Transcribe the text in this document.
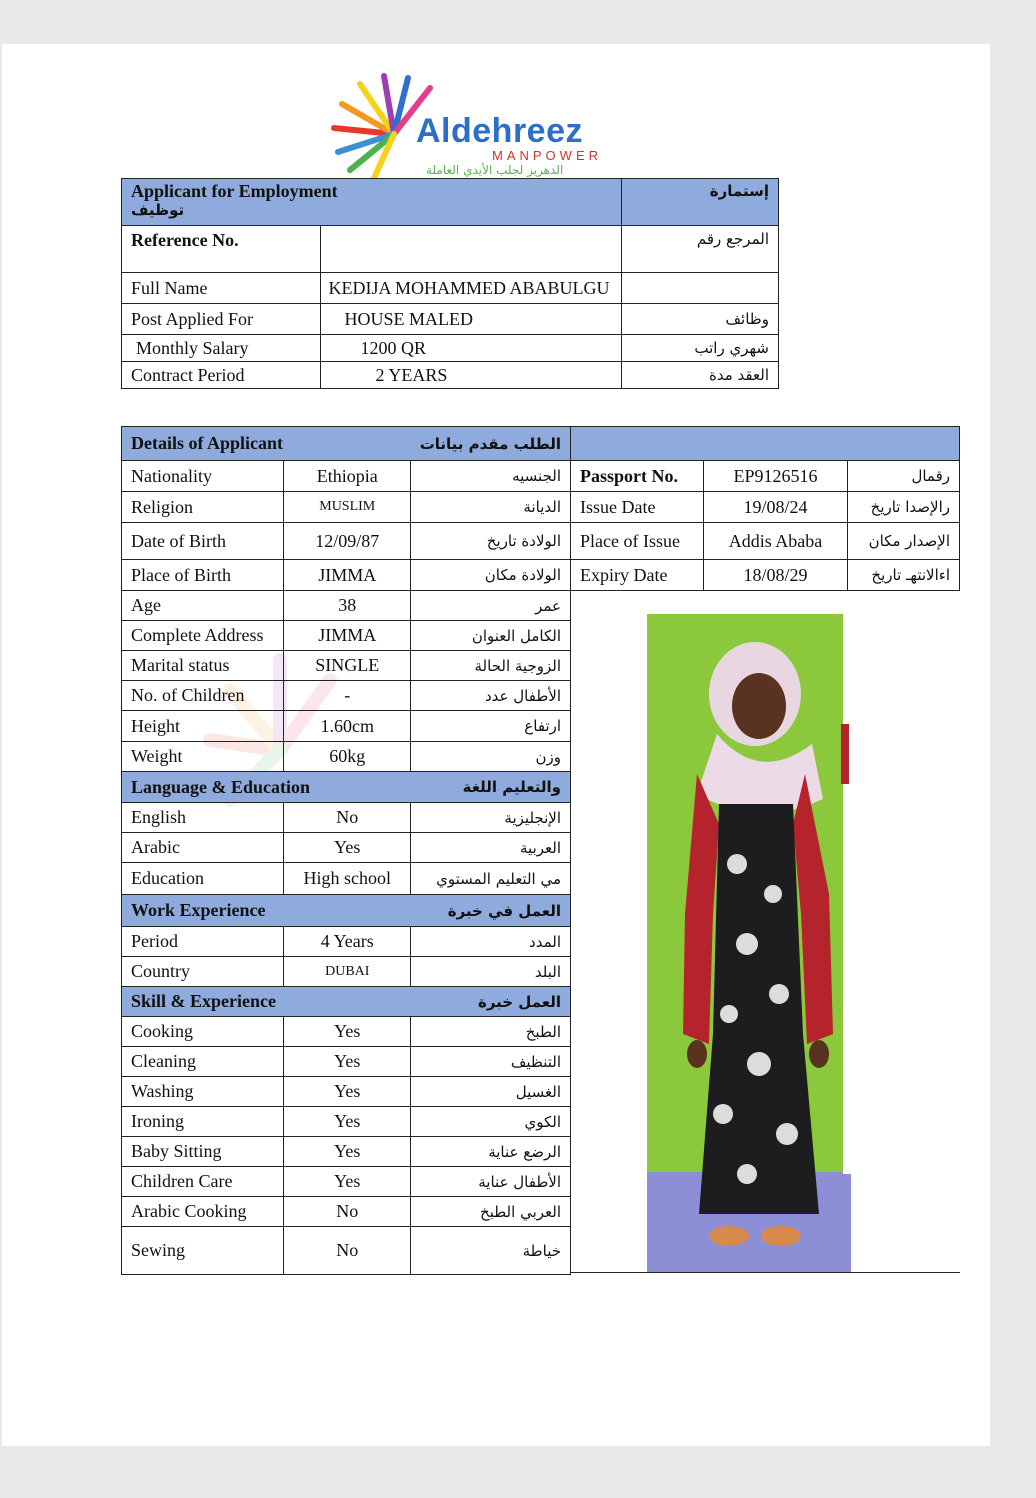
Aldehreez
MANPOWER
الدهريز لجلب الأيدي العاملة
Applicant for Employment
توظيف		إستمارة
Reference No.		المرجع رقم
Full Name	KEDIJA MOHAMMED ABABULGU	
Post Applied For	HOUSE MALED	وظائف
Monthly Salary	1200 QR	شهري راتب
Contract Period	2 YEARS	العقد مدة
Details of Applicant		الطلب مقدم بيانات
Nationality	Ethiopia	الجنسيه
Religion	MUSLIM	الديانة
Date of Birth	12/09/87	الولادة تاريخ
Place of Birth	JIMMA	الولادة مكان
Age	38	عمر
Complete Address	JIMMA	الكامل العنوان
Marital status	SINGLE	الزوجية الحالة
No. of Children	-	الأطفال عدد
Height	1.60cm	ارتفاع
Weight	60kg	وزن
Language & Education		والتعليم اللغة
English	No	الإنجليزية
Arabic	Yes	العربية
Education	High school	مي التعليم المستوي
Work Experience		العمل في خبرة
Period	4 Years	المدد
Country	DUBAI	البلد
Skill & Experience		العمل خبرة
Cooking	Yes	الطبخ
Cleaning	Yes	التنظيف
Washing	Yes	الغسيل
Ironing	Yes	الكوي
Baby Sitting	Yes	الرضع عناية
Children Care	Yes	الأطفال عناية
Arabic Cooking	No	العربي الطبخ
Sewing	No	خياطة

Passport No.	EP9126516	رقمال
Issue Date	19/08/24	رالإصدا تاريخ
Place of Issue	Addis Ababa	الإصدار مكان
Expiry Date	18/08/29	اءالانتهـ تاريخ
